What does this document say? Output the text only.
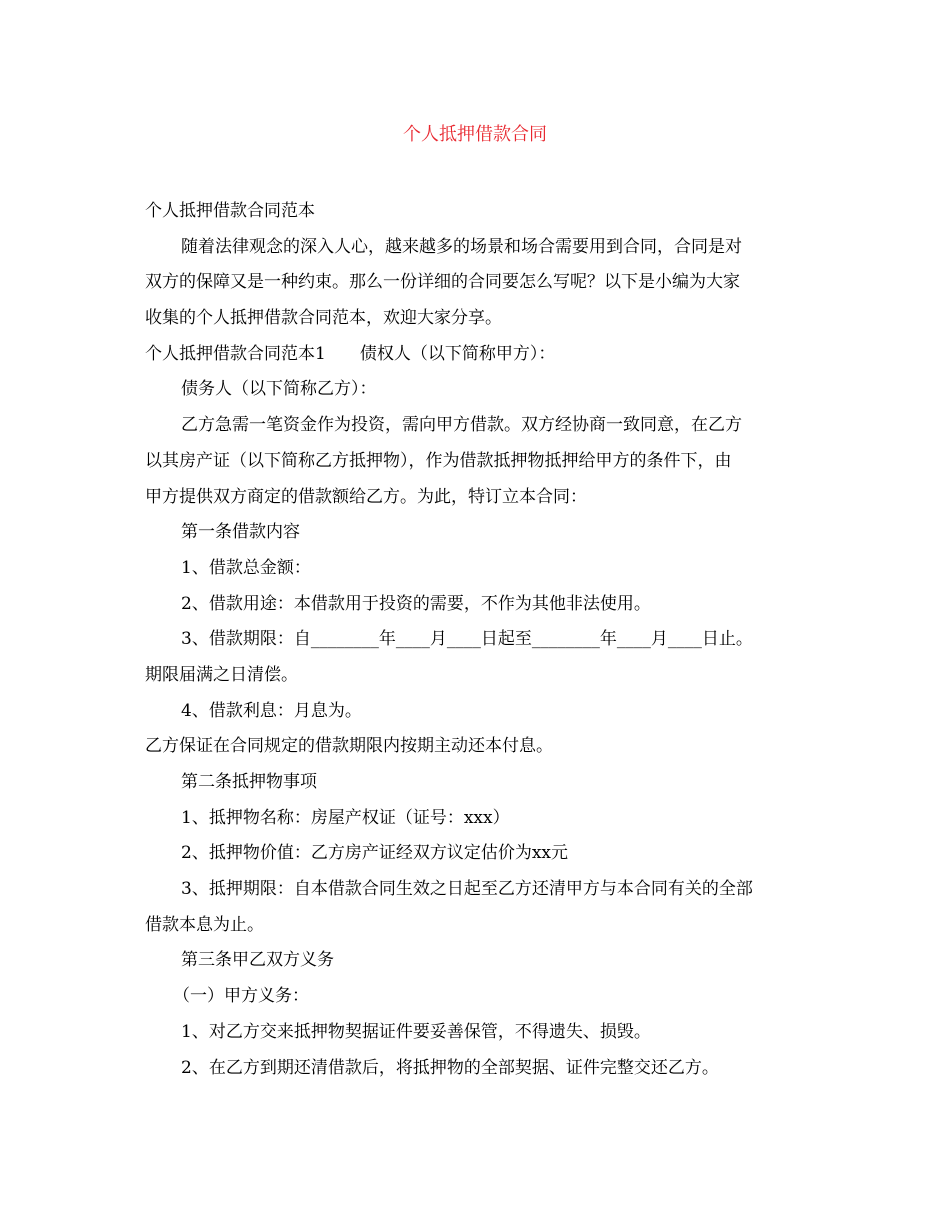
个人抵押借款合同

个人抵押借款合同范本

随着法律观念的深入人心，越来越多的场景和场合需要用到合同，合同是对

双方的保障又是一种约束。那么一份详细的合同要怎么写呢？以下是小编为大家

收集的个人抵押借款合同范本，欢迎大家分享。

个人抵押借款合同范本1　　债权人（以下简称甲方）：

债务人（以下简称乙方）：

乙方急需一笔资金作为投资，需向甲方借款。双方经协商一致同意，在乙方

以其房产证（以下简称乙方抵押物），作为借款抵押物抵押给甲方的条件下，由

甲方提供双方商定的借款额给乙方。为此，特订立本合同：

第一条借款内容

1、借款总金额：

2、借款用途：本借款用于投资的需要，不作为其他非法使用。

3、借款期限：自________年____月____日起至________年____月____日止。

期限届满之日清偿。

4、借款利息：月息为。

乙方保证在合同规定的借款期限内按期主动还本付息。

第二条抵押物事项

1、抵押物名称：房屋产权证（证号：xxx）

2、抵押物价值：乙方房产证经双方议定估价为xx元

3、抵押期限：自本借款合同生效之日起至乙方还清甲方与本合同有关的全部

借款本息为止。

第三条甲乙双方义务

（一）甲方义务：

1、对乙方交来抵押物契据证件要妥善保管，不得遗失、损毁。

2、在乙方到期还清借款后，将抵押物的全部契据、证件完整交还乙方。
